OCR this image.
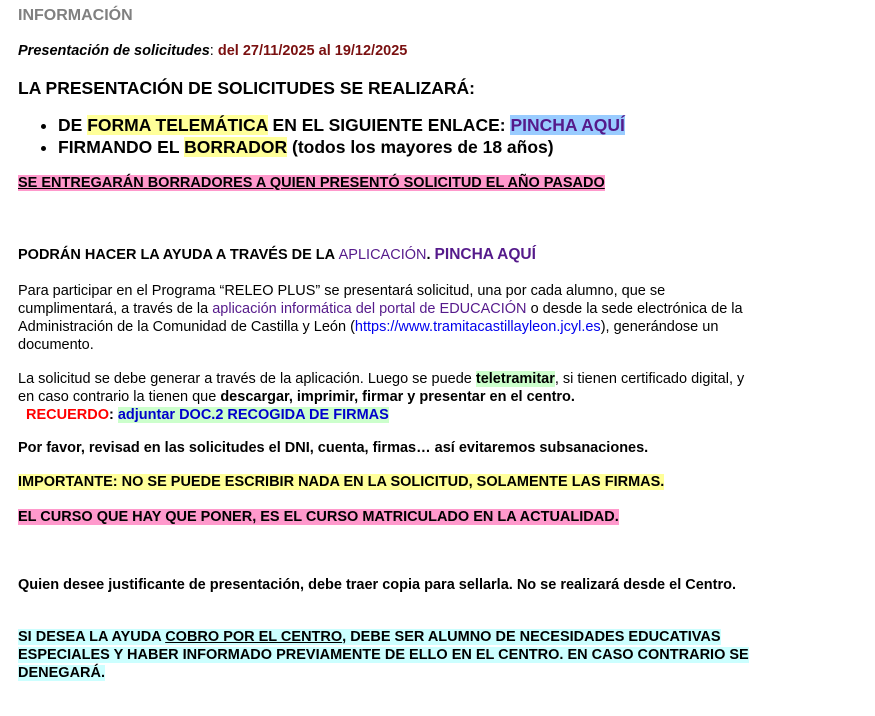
INFORMACIÓN
Presentación de solicitudes: del 27/11/2025 al 19/12/2025
LA PRESENTACIÓN DE SOLICITUDES SE REALIZARÁ:
• DE FORMA TELEMÁTICA EN EL SIGUIENTE ENLACE: PINCHA AQUÍ
• FIRMANDO EL BORRADOR (todos los mayores de 18 años)
SE ENTREGARÁN BORRADORES A QUIEN PRESENTÓ SOLICITUD EL AÑO PASADO
PODRÁN HACER LA AYUDA A TRAVÉS DE LA APLICACIÓN. PINCHA AQUÍ
Para participar en el Programa “RELEO PLUS” se presentará solicitud, una por cada alumno, que se cumplimentará, a través de la aplicación informática del portal de EDUCACIÓN o desde la sede electrónica de la Administración de la Comunidad de Castilla y León (https://www.tramitacastillayleon.jcyl.es), generándose un documento.
La solicitud se debe generar a través de la aplicación. Luego se puede teletramitar, si tienen certificado digital, y en caso contrario la tienen que descargar, imprimir, firmar y presentar en el centro.
RECUERDO: adjuntar DOC.2 RECOGIDA DE FIRMAS
Por favor, revisad en las solicitudes el DNI, cuenta, firmas… así evitaremos subsanaciones.
IMPORTANTE: NO SE PUEDE ESCRIBIR NADA EN LA SOLICITUD, SOLAMENTE LAS FIRMAS.
EL CURSO QUE HAY QUE PONER, ES EL CURSO MATRICULADO EN LA ACTUALIDAD.
Quien desee justificante de presentación, debe traer copia para sellarla. No se realizará desde el Centro.
SI DESEA LA AYUDA COBRO POR EL CENTRO, DEBE SER ALUMNO DE NECESIDADES EDUCATIVAS ESPECIALES Y HABER INFORMADO PREVIAMENTE DE ELLO EN EL CENTRO. EN CASO CONTRARIO SE DENEGARÁ.
